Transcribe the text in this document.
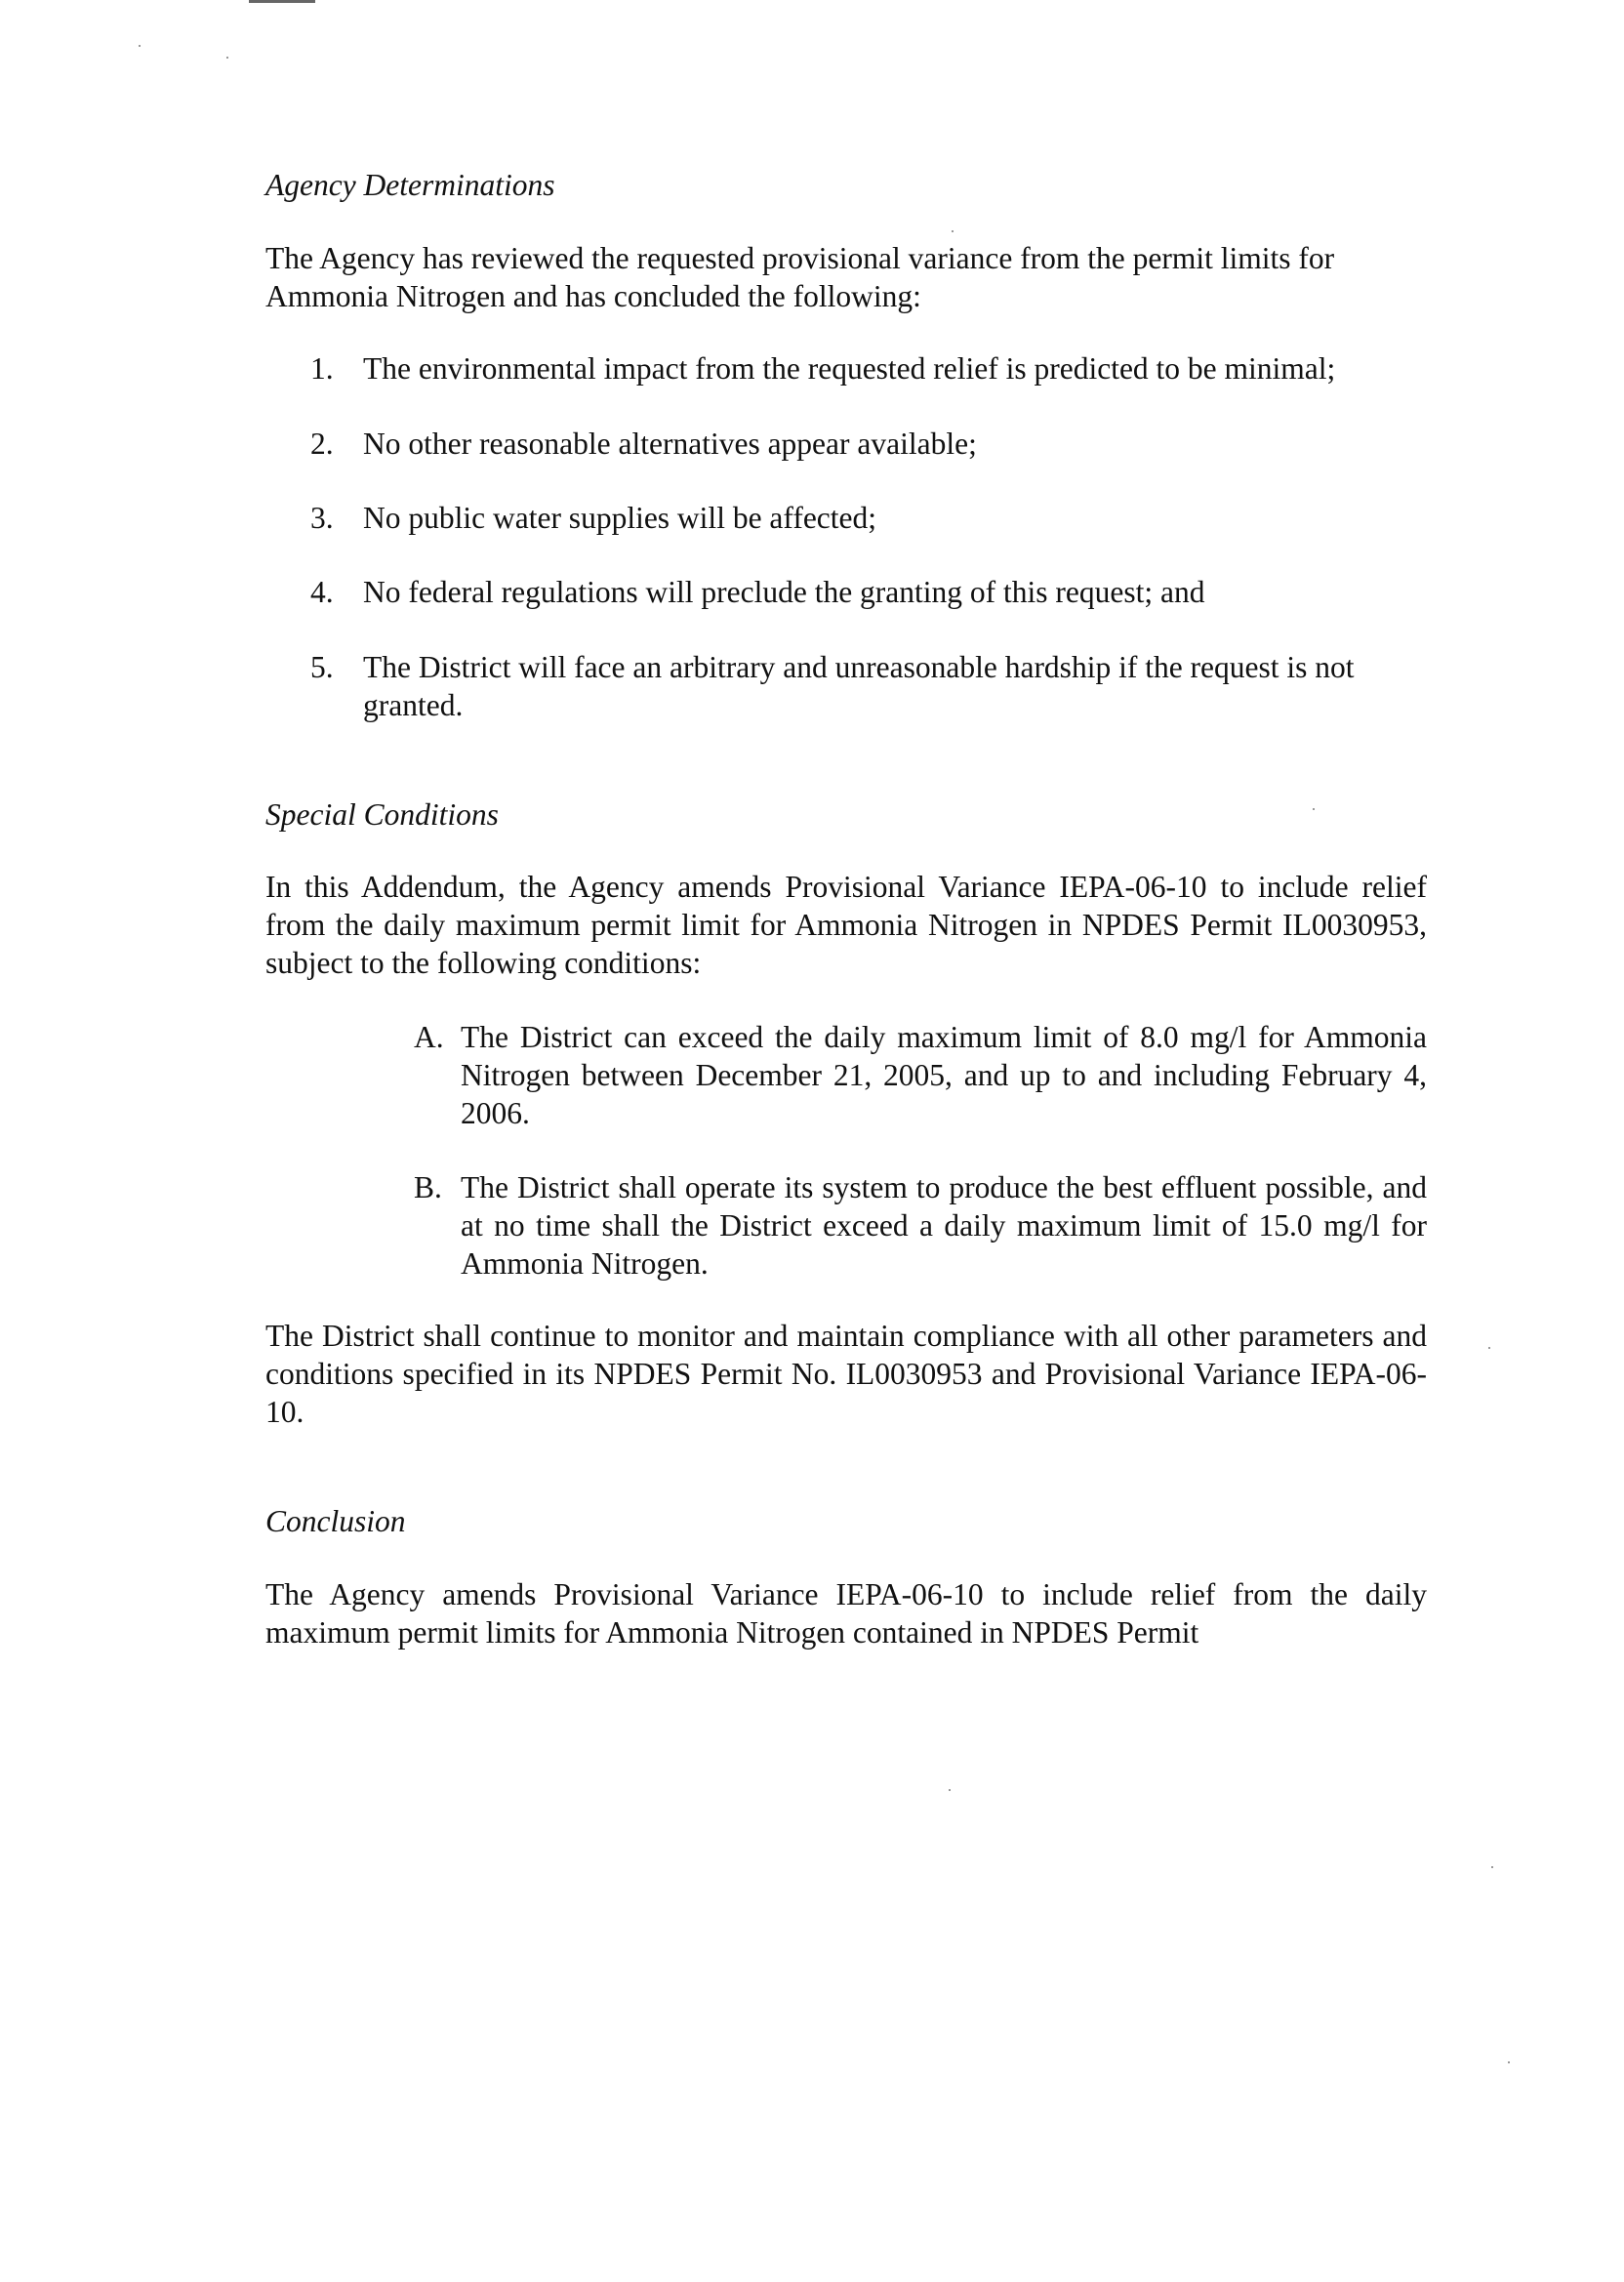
Agency Determinations

The Agency has reviewed the requested provisional variance from the permit limits for Ammonia Nitrogen and has concluded the following:

1. The environmental impact from the requested relief is predicted to be minimal;
2. No other reasonable alternatives appear available;
3. No public water supplies will be affected;
4. No federal regulations will preclude the granting of this request; and
5. The District will face an arbitrary and unreasonable hardship if the request is not granted.
Special Conditions

In this Addendum, the Agency amends Provisional Variance IEPA-06-10 to include relief from the daily maximum permit limit for Ammonia Nitrogen in NPDES Permit IL0030953, subject to the following conditions:

A. The District can exceed the daily maximum limit of 8.0 mg/l for Ammonia Nitrogen between December 21, 2005, and up to and including February 4, 2006.
B. The District shall operate its system to produce the best effluent possible, and at no time shall the District exceed a daily maximum limit of 15.0 mg/l for Ammonia Nitrogen.

The District shall continue to monitor and maintain compliance with all other parameters and conditions specified in its NPDES Permit No. IL0030953 and Provisional Variance IEPA-06-10.

Conclusion

The Agency amends Provisional Variance IEPA-06-10 to include relief from the daily maximum permit limits for Ammonia Nitrogen contained in NPDES Permit
